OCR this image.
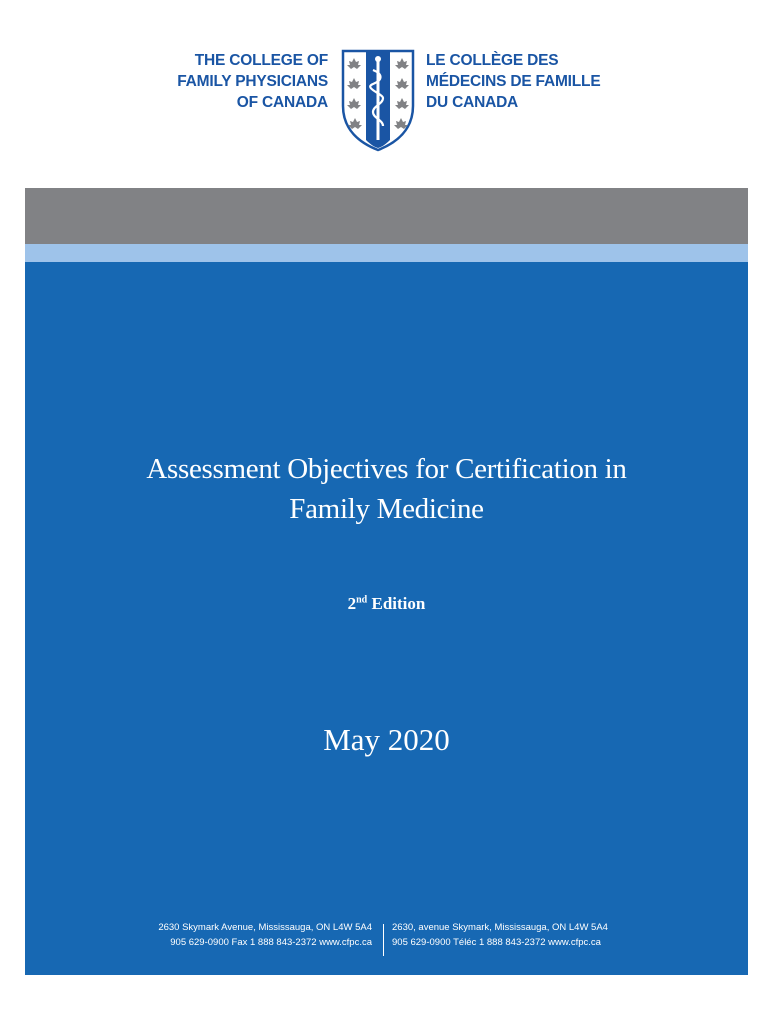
THE COLLEGE OF
FAMILY PHYSICIANS
OF CANADA
LE COLLÈGE DES
MÉDECINS DE FAMILLE
DU CANADA
Assessment Objectives for Certification in
Family Medicine
2nd Edition
May 2020
2630 Skymark Avenue, Mississauga, ON L4W 5A4
905 629-0900 Fax 1 888 843-2372 www.cfpc.ca
2630, avenue Skymark, Mississauga, ON L4W 5A4
905 629-0900 Téléc 1 888 843-2372 www.cfpc.ca
